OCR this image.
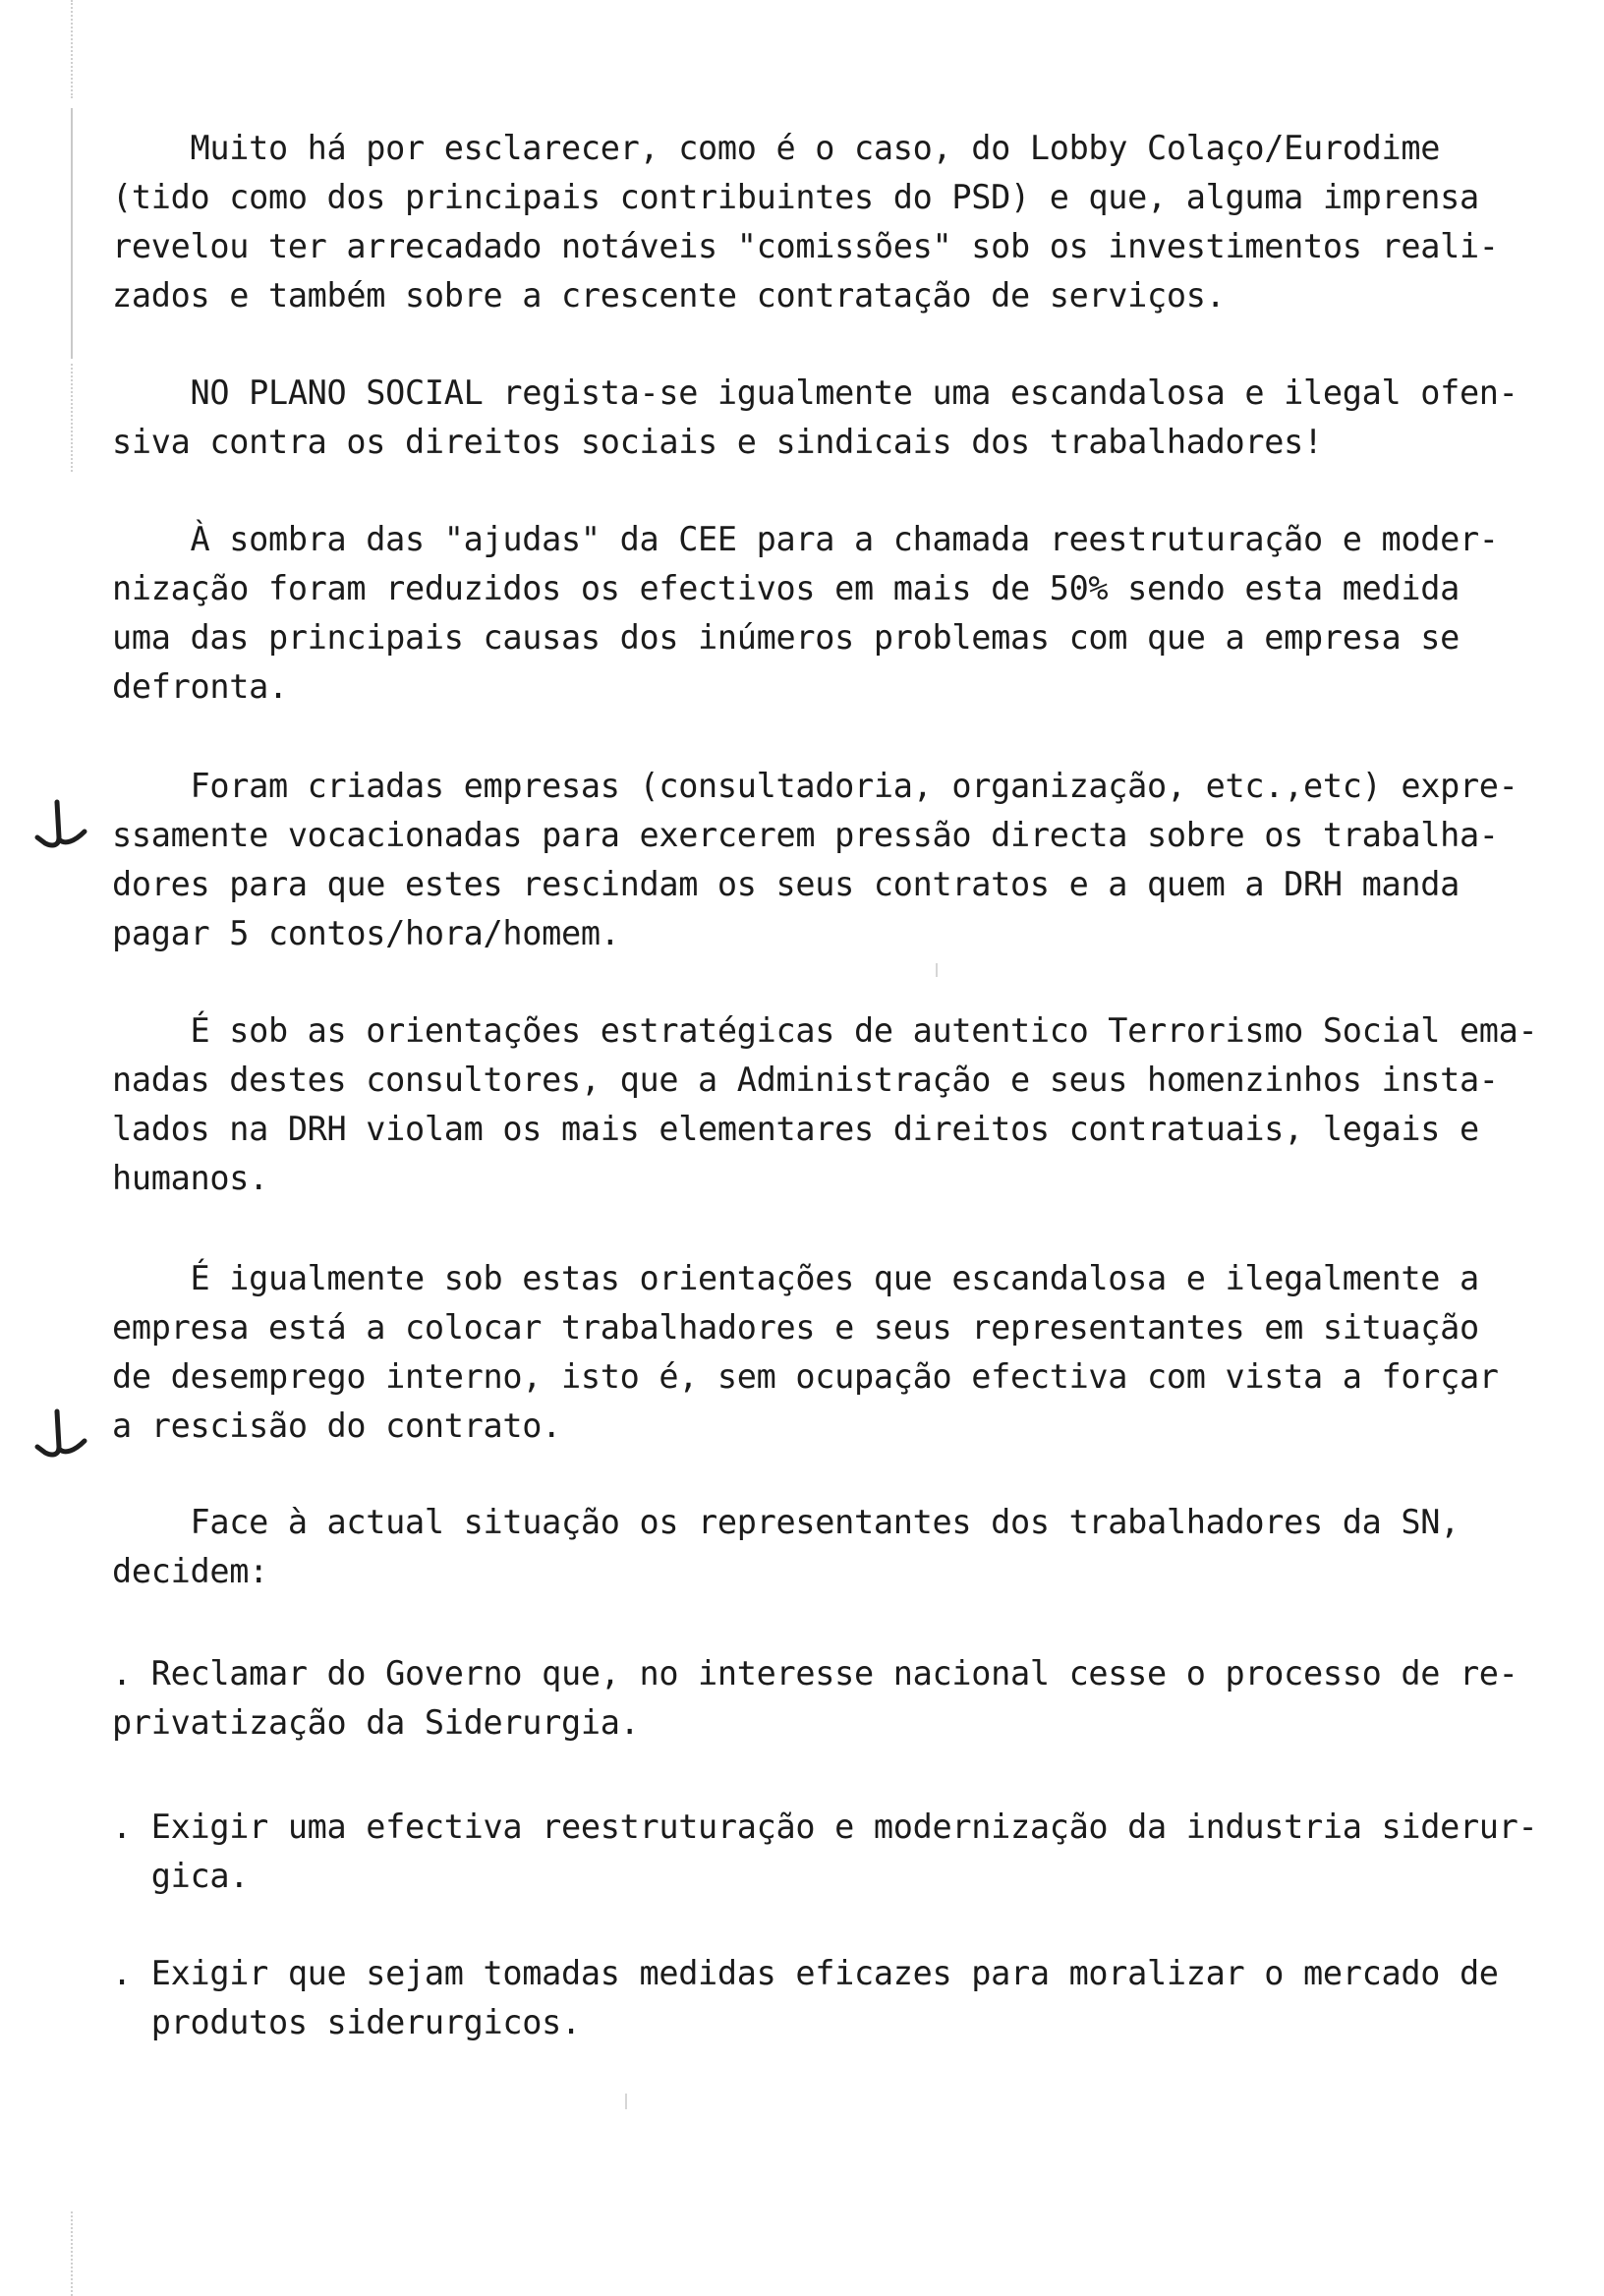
Muito há por esclarecer, como é o caso, do Lobby Colaço/Eurodime
(tido como dos principais contribuintes do PSD) e que, alguma imprensa
revelou ter arrecadado notáveis "comissões" sob os investimentos reali-
zados e também sobre a crescente contratação de serviços.
NO PLANO SOCIAL regista-se igualmente uma escandalosa e ilegal ofen-
siva contra os direitos sociais e sindicais dos trabalhadores!
À sombra das "ajudas" da CEE para a chamada reestruturação e moder-
nização foram reduzidos os efectivos em mais de 50% sendo esta medida
uma das principais causas dos inúmeros problemas com que a empresa se
defronta.
Foram criadas empresas (consultadoria, organização, etc.,etc) expre-
ssamente vocacionadas para exercerem pressão directa sobre os trabalha-
dores para que estes rescindam os seus contratos e a quem a DRH manda
pagar 5 contos/hora/homem.
É sob as orientações estratégicas de autentico Terrorismo Social ema-
nadas destes consultores, que a Administração e seus homenzinhos insta-
lados na DRH violam os mais elementares direitos contratuais, legais e
humanos.
É igualmente sob estas orientações que escandalosa e ilegalmente a
empresa está a colocar trabalhadores e seus representantes em situação
de desemprego interno, isto é, sem ocupação efectiva com vista a forçar
a rescisão do contrato.
Face à actual situação os representantes dos trabalhadores da SN,
decidem:
. Reclamar do Governo que, no interesse nacional cesse o processo de re-
privatização da Siderurgia.
. Exigir uma efectiva reestruturação e modernização da industria siderur-
gica.
. Exigir que sejam tomadas medidas eficazes para moralizar o mercado de
produtos siderurgicos.
